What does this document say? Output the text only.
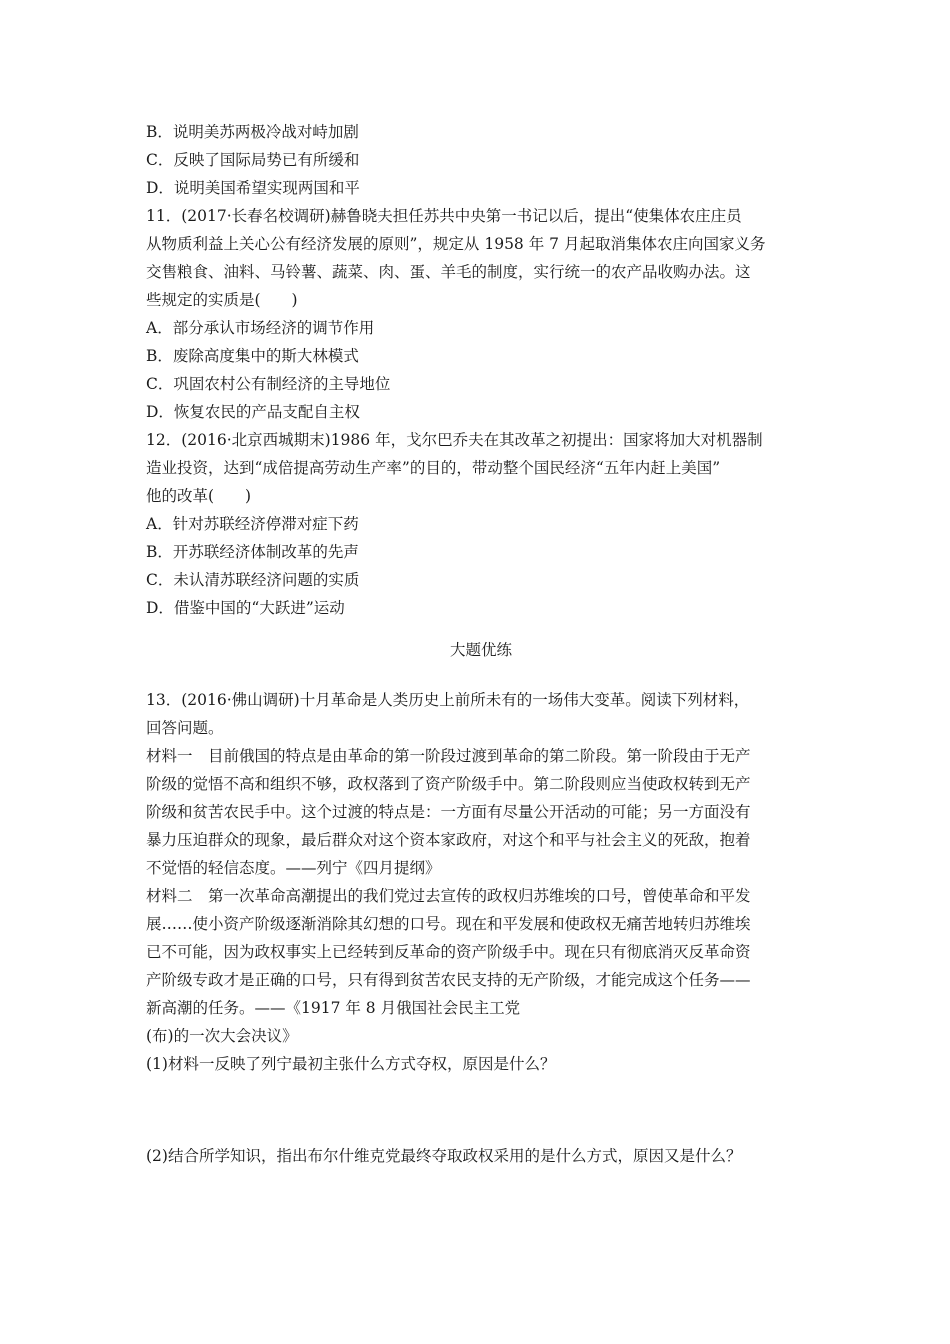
B．说明美苏两极冷战对峙加剧
C．反映了国际局势已有所缓和
D．说明美国希望实现两国和平
11．(2017·长春名校调研)赫鲁晓夫担任苏共中央第一书记以后，提出“使集体农庄庄员
从物质利益上关心公有经济发展的原则”，规定从 1958 年 7 月起取消集体农庄向国家义务
交售粮食、油料、马铃薯、蔬菜、肉、蛋、羊毛的制度，实行统一的农产品收购办法。这
些规定的实质是(　　)
A．部分承认市场经济的调节作用
B．废除高度集中的斯大林模式
C．巩固农村公有制经济的主导地位
D．恢复农民的产品支配自主权
12．(2016·北京西城期末)1986 年，戈尔巴乔夫在其改革之初提出：国家将加大对机器制
造业投资，达到“成倍提高劳动生产率”的目的，带动整个国民经济“五年内赶上美国”
他的改革(　　)
A．针对苏联经济停滞对症下药
B．开苏联经济体制改革的先声
C．未认清苏联经济问题的实质
D．借鉴中国的“大跃进”运动
大题优练
13．(2016·佛山调研)十月革命是人类历史上前所未有的一场伟大变革。阅读下列材料，
回答问题。
材料一　目前俄国的特点是由革命的第一阶段过渡到革命的第二阶段。第一阶段由于无产
阶级的觉悟不高和组织不够，政权落到了资产阶级手中。第二阶段则应当使政权转到无产
阶级和贫苦农民手中。这个过渡的特点是：一方面有尽量公开活动的可能；另一方面没有
暴力压迫群众的现象，最后群众对这个资本家政府，对这个和平与社会主义的死敌，抱着
不觉悟的轻信态度。——列宁《四月提纲》
材料二　第一次革命高潮提出的我们党过去宣传的政权归苏维埃的口号，曾使革命和平发
展……使小资产阶级逐渐消除其幻想的口号。现在和平发展和使政权无痛苦地转归苏维埃
已不可能，因为政权事实上已经转到反革命的资产阶级手中。现在只有彻底消灭反革命资
产阶级专政才是正确的口号，只有得到贫苦农民支持的无产阶级，才能完成这个任务——
新高潮的任务。——《1917 年 8 月俄国社会民主工党
(布)的一次大会决议》
(1)材料一反映了列宁最初主张什么方式夺权，原因是什么？
(2)结合所学知识，指出布尔什维克党最终夺取政权采用的是什么方式，原因又是什么？
